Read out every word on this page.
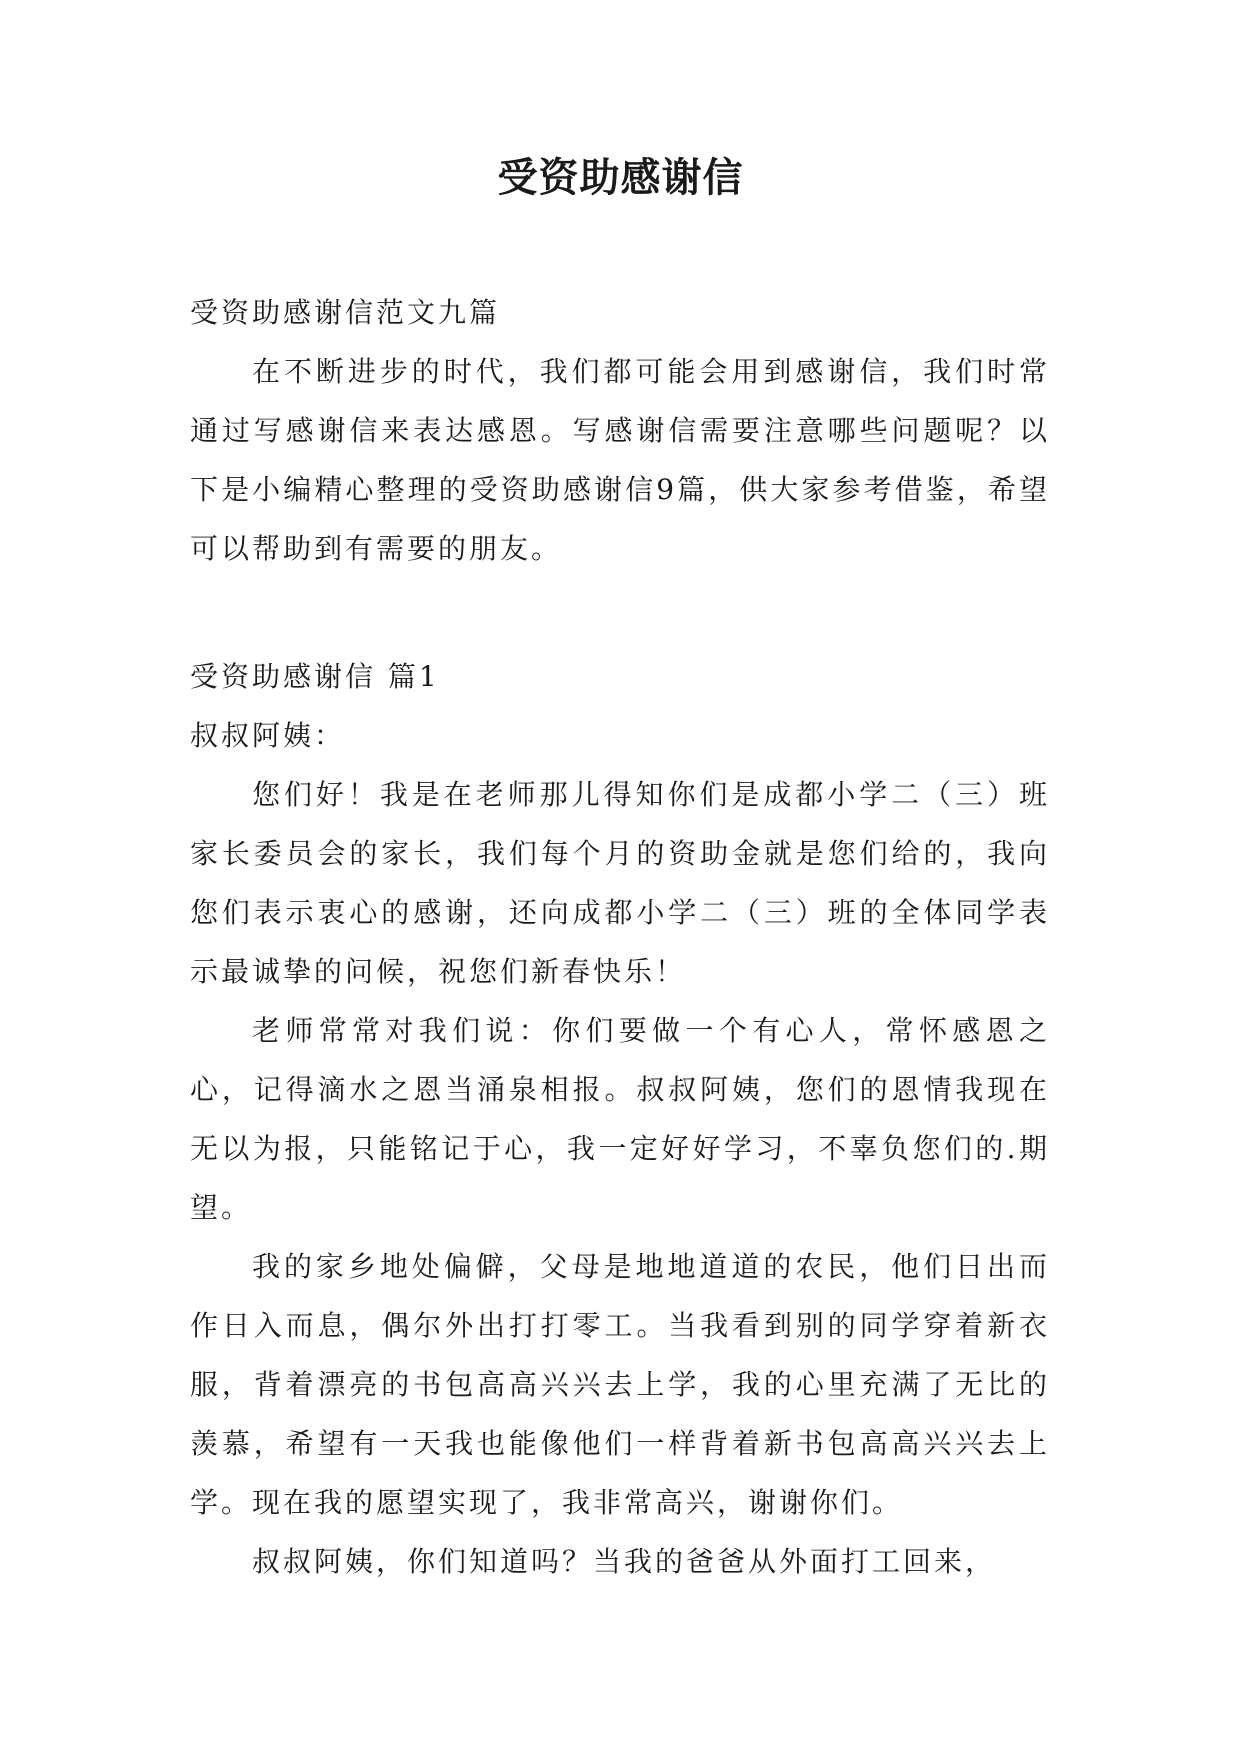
受资助感谢信

受资助感谢信范文九篇

在不断进步的时代，我们都可能会用到感谢信，我们时常通过写感谢信来表达感恩。写感谢信需要注意哪些问题呢？以下是小编精心整理的受资助感谢信9篇，供大家参考借鉴，希望可以帮助到有需要的朋友。

受资助感谢信 篇1

叔叔阿姨：

您们好！我是在老师那儿得知你们是成都小学二（三）班家长委员会的家长，我们每个月的资助金就是您们给的，我向您们表示衷心的感谢，还向成都小学二（三）班的全体同学表示最诚挚的问候，祝您们新春快乐！

老师常常对我们说：你们要做一个有心人，常怀感恩之心，记得滴水之恩当涌泉相报。叔叔阿姨，您们的恩情我现在无以为报，只能铭记于心，我一定好好学习，不辜负您们的.期望。

我的家乡地处偏僻，父母是地地道道的农民，他们日出而作日入而息，偶尔外出打打零工。当我看到别的同学穿着新衣服，背着漂亮的书包高高兴兴去上学，我的心里充满了无比的羡慕，希望有一天我也能像他们一样背着新书包高高兴兴去上学。现在我的愿望实现了，我非常高兴，谢谢你们。

叔叔阿姨，你们知道吗？当我的爸爸从外面打工回来，
